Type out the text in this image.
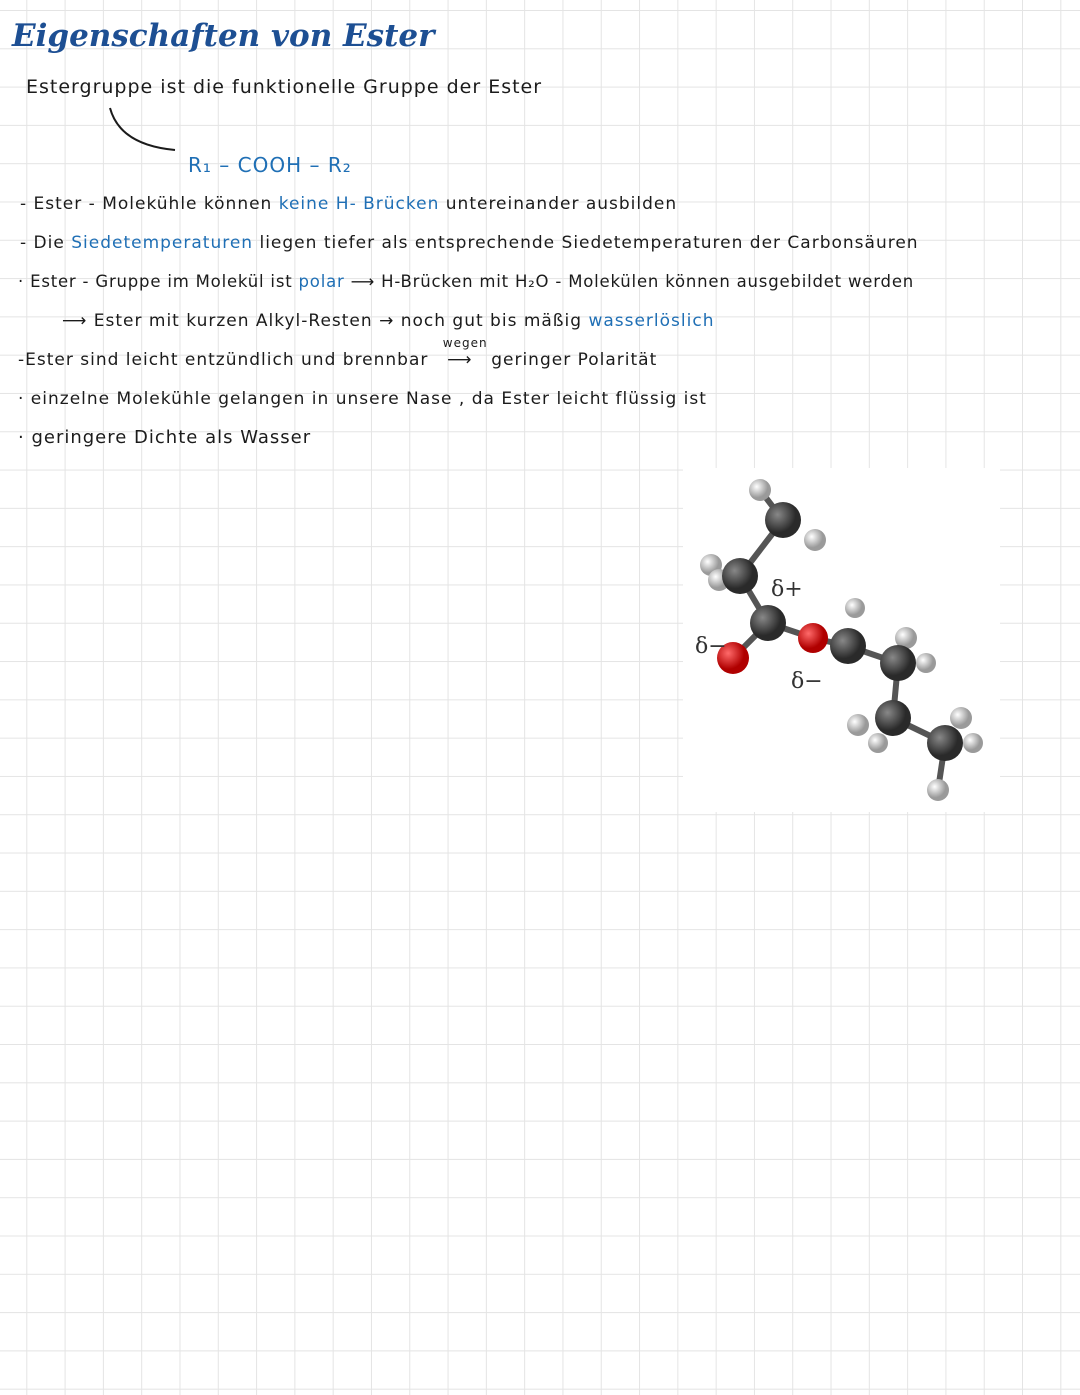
Eigenschaften von Ester
Estergruppe ist die funktionelle Gruppe der Ester
R₁ – COOH – R₂
- Ester - Molekühle können keine H- Brücken untereinander ausbilden
- Die Siedetemperaturen liegen tiefer als entsprechende Siedetemperaturen der Carbonsäuren
· Ester - Gruppe im Molekül ist polar ⟶ H-Brücken mit H₂O - Molekülen können ausgebildet werden
⟶ Ester mit kurzen Alkyl-Resten → noch gut bis mäßig wasserlöslich
-Ester sind leicht entzündlich und brennbar
wegen
⟶ geringer Polarität
· einzelne Molekühle gelangen in unsere Nase , da Ester leicht flüssig ist
· geringere Dichte als Wasser
δ+
δ−
δ−
